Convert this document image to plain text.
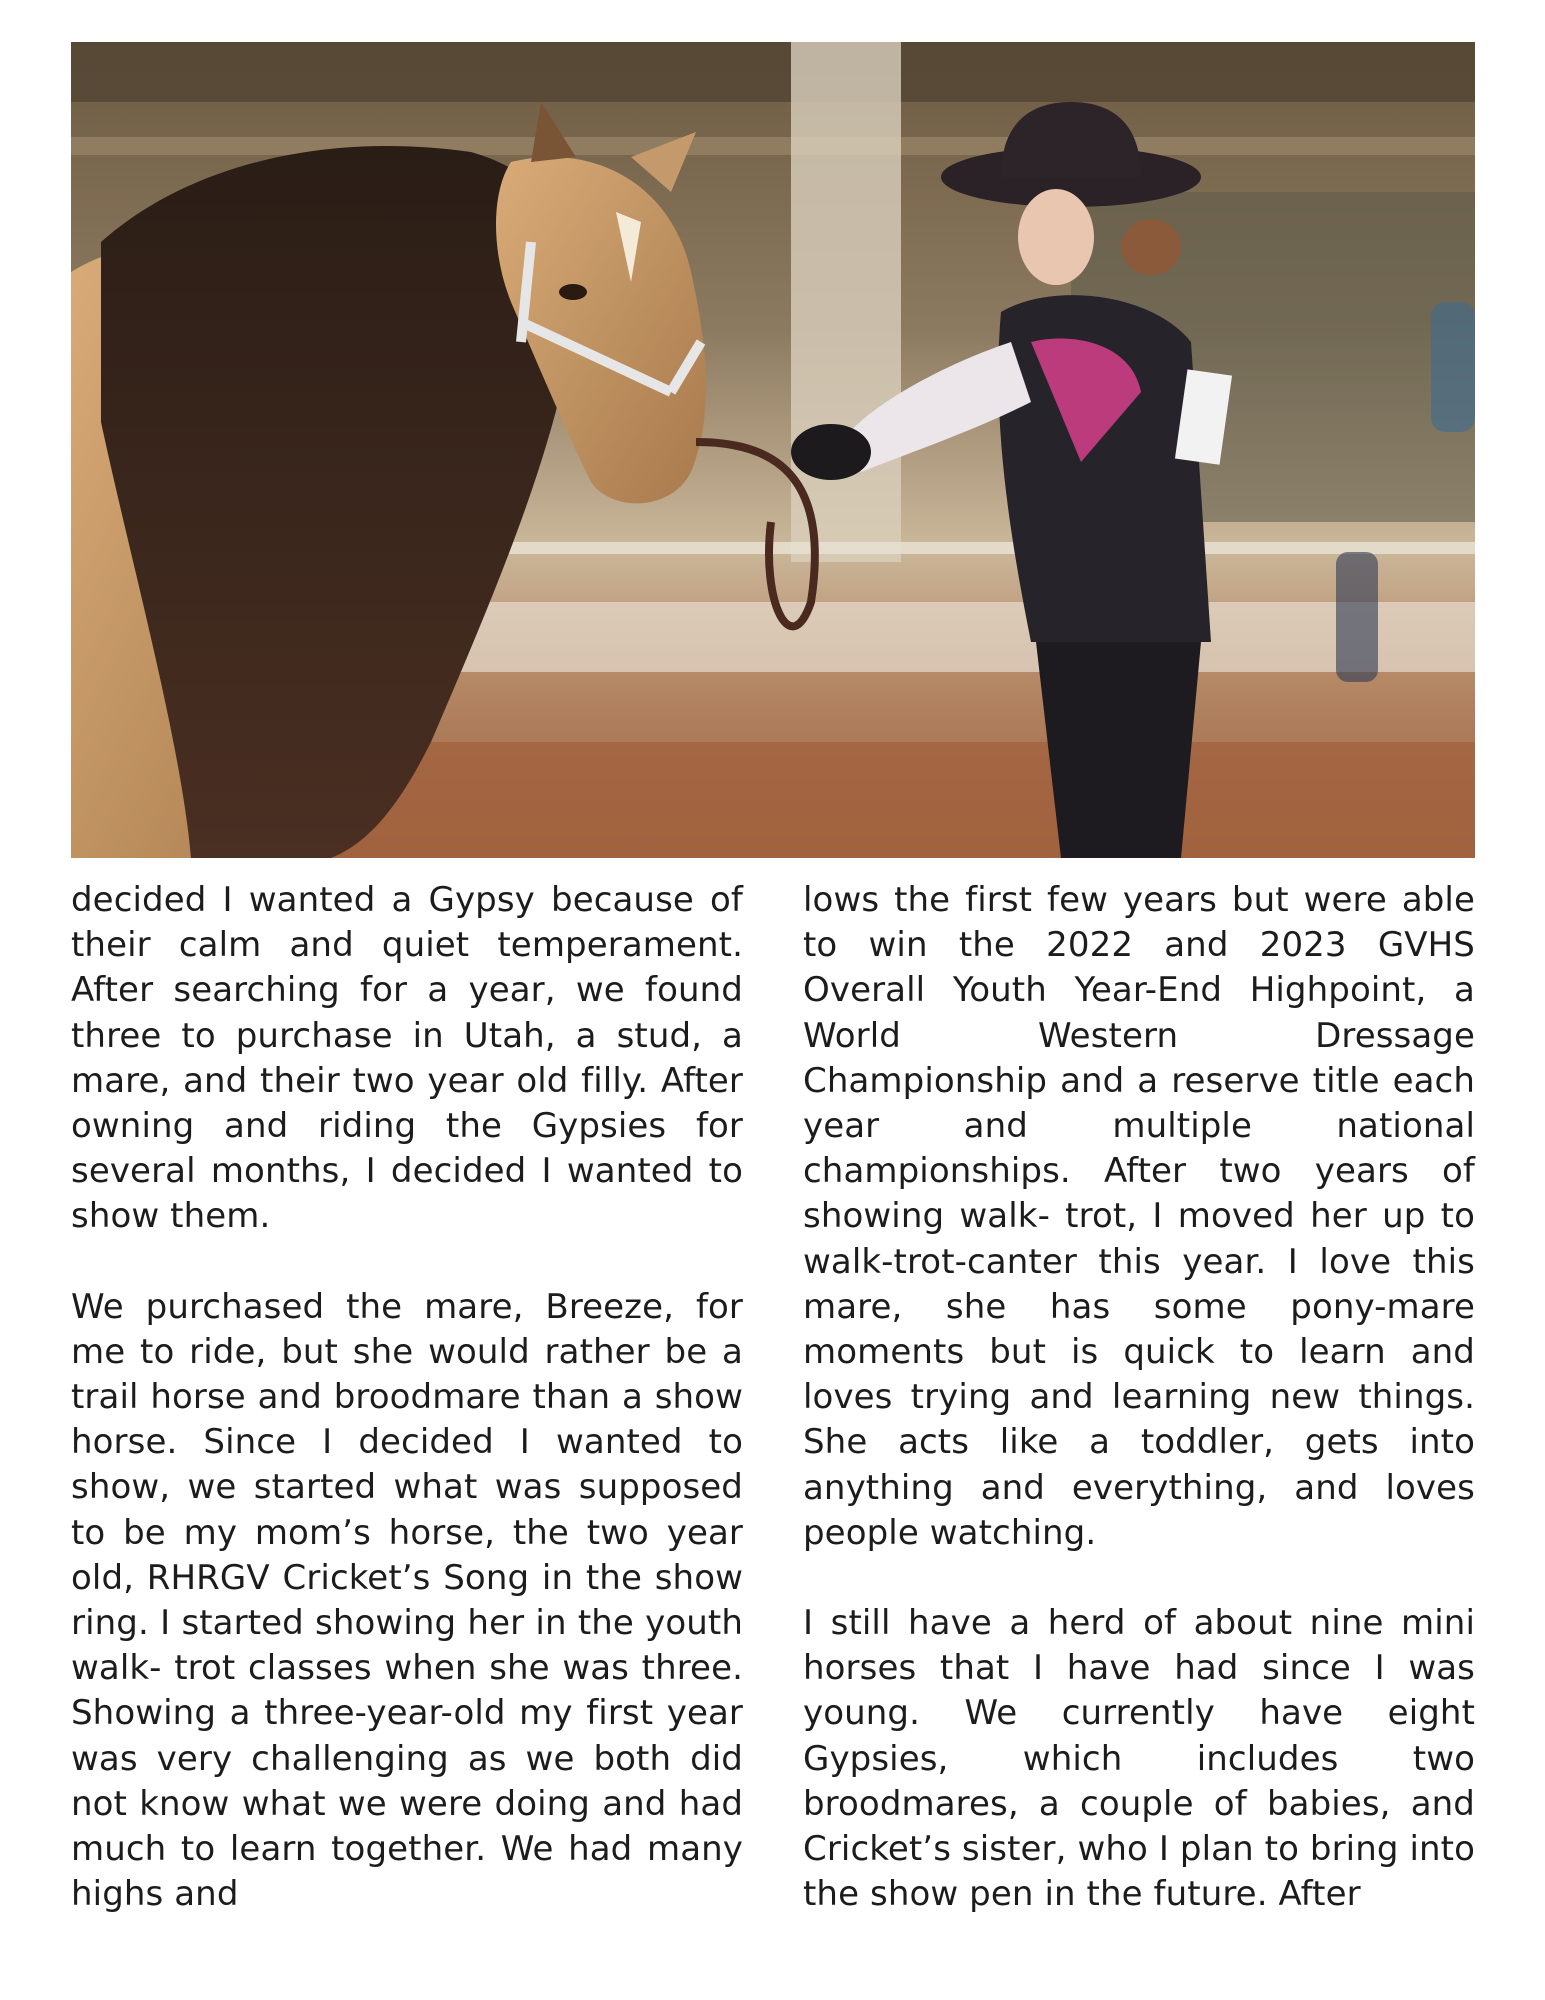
decided I wanted a Gypsy because of their calm and quiet temperament. After searching for a year, we found three to purchase in Utah, a stud, a mare, and their two year old filly. After owning and riding the Gypsies for several months, I decided I wanted to show them.

We purchased the mare, Breeze, for me to ride, but she would rather be a trail horse and broodmare than a show horse. Since I decided I wanted to show, we started what was supposed to be my mom’s horse, the two year old, RHRGV Cricket’s Song in the show ring. I started showing her in the youth walk- trot classes when she was three. Showing a three-year-old my first year was very challenging as we both did not know what we were doing and had much to learn together. We had many highs and

lows the first few years but were able to win the 2022 and 2023 GVHS Overall Youth Year-End Highpoint, a World Western Dressage Championship and a reserve title each year and multiple national championships. After two years of showing walk- trot, I moved her up to walk-trot-canter this year. I love this mare, she has some pony-mare moments but is quick to learn and loves trying and learning new things. She acts like a toddler, gets into anything and everything, and loves people watching.

I still have a herd of about nine mini horses that I have had since I was young. We currently have eight Gypsies, which includes two broodmares, a couple of babies, and Cricket’s sister, who I plan to bring into the show pen in the future. After
